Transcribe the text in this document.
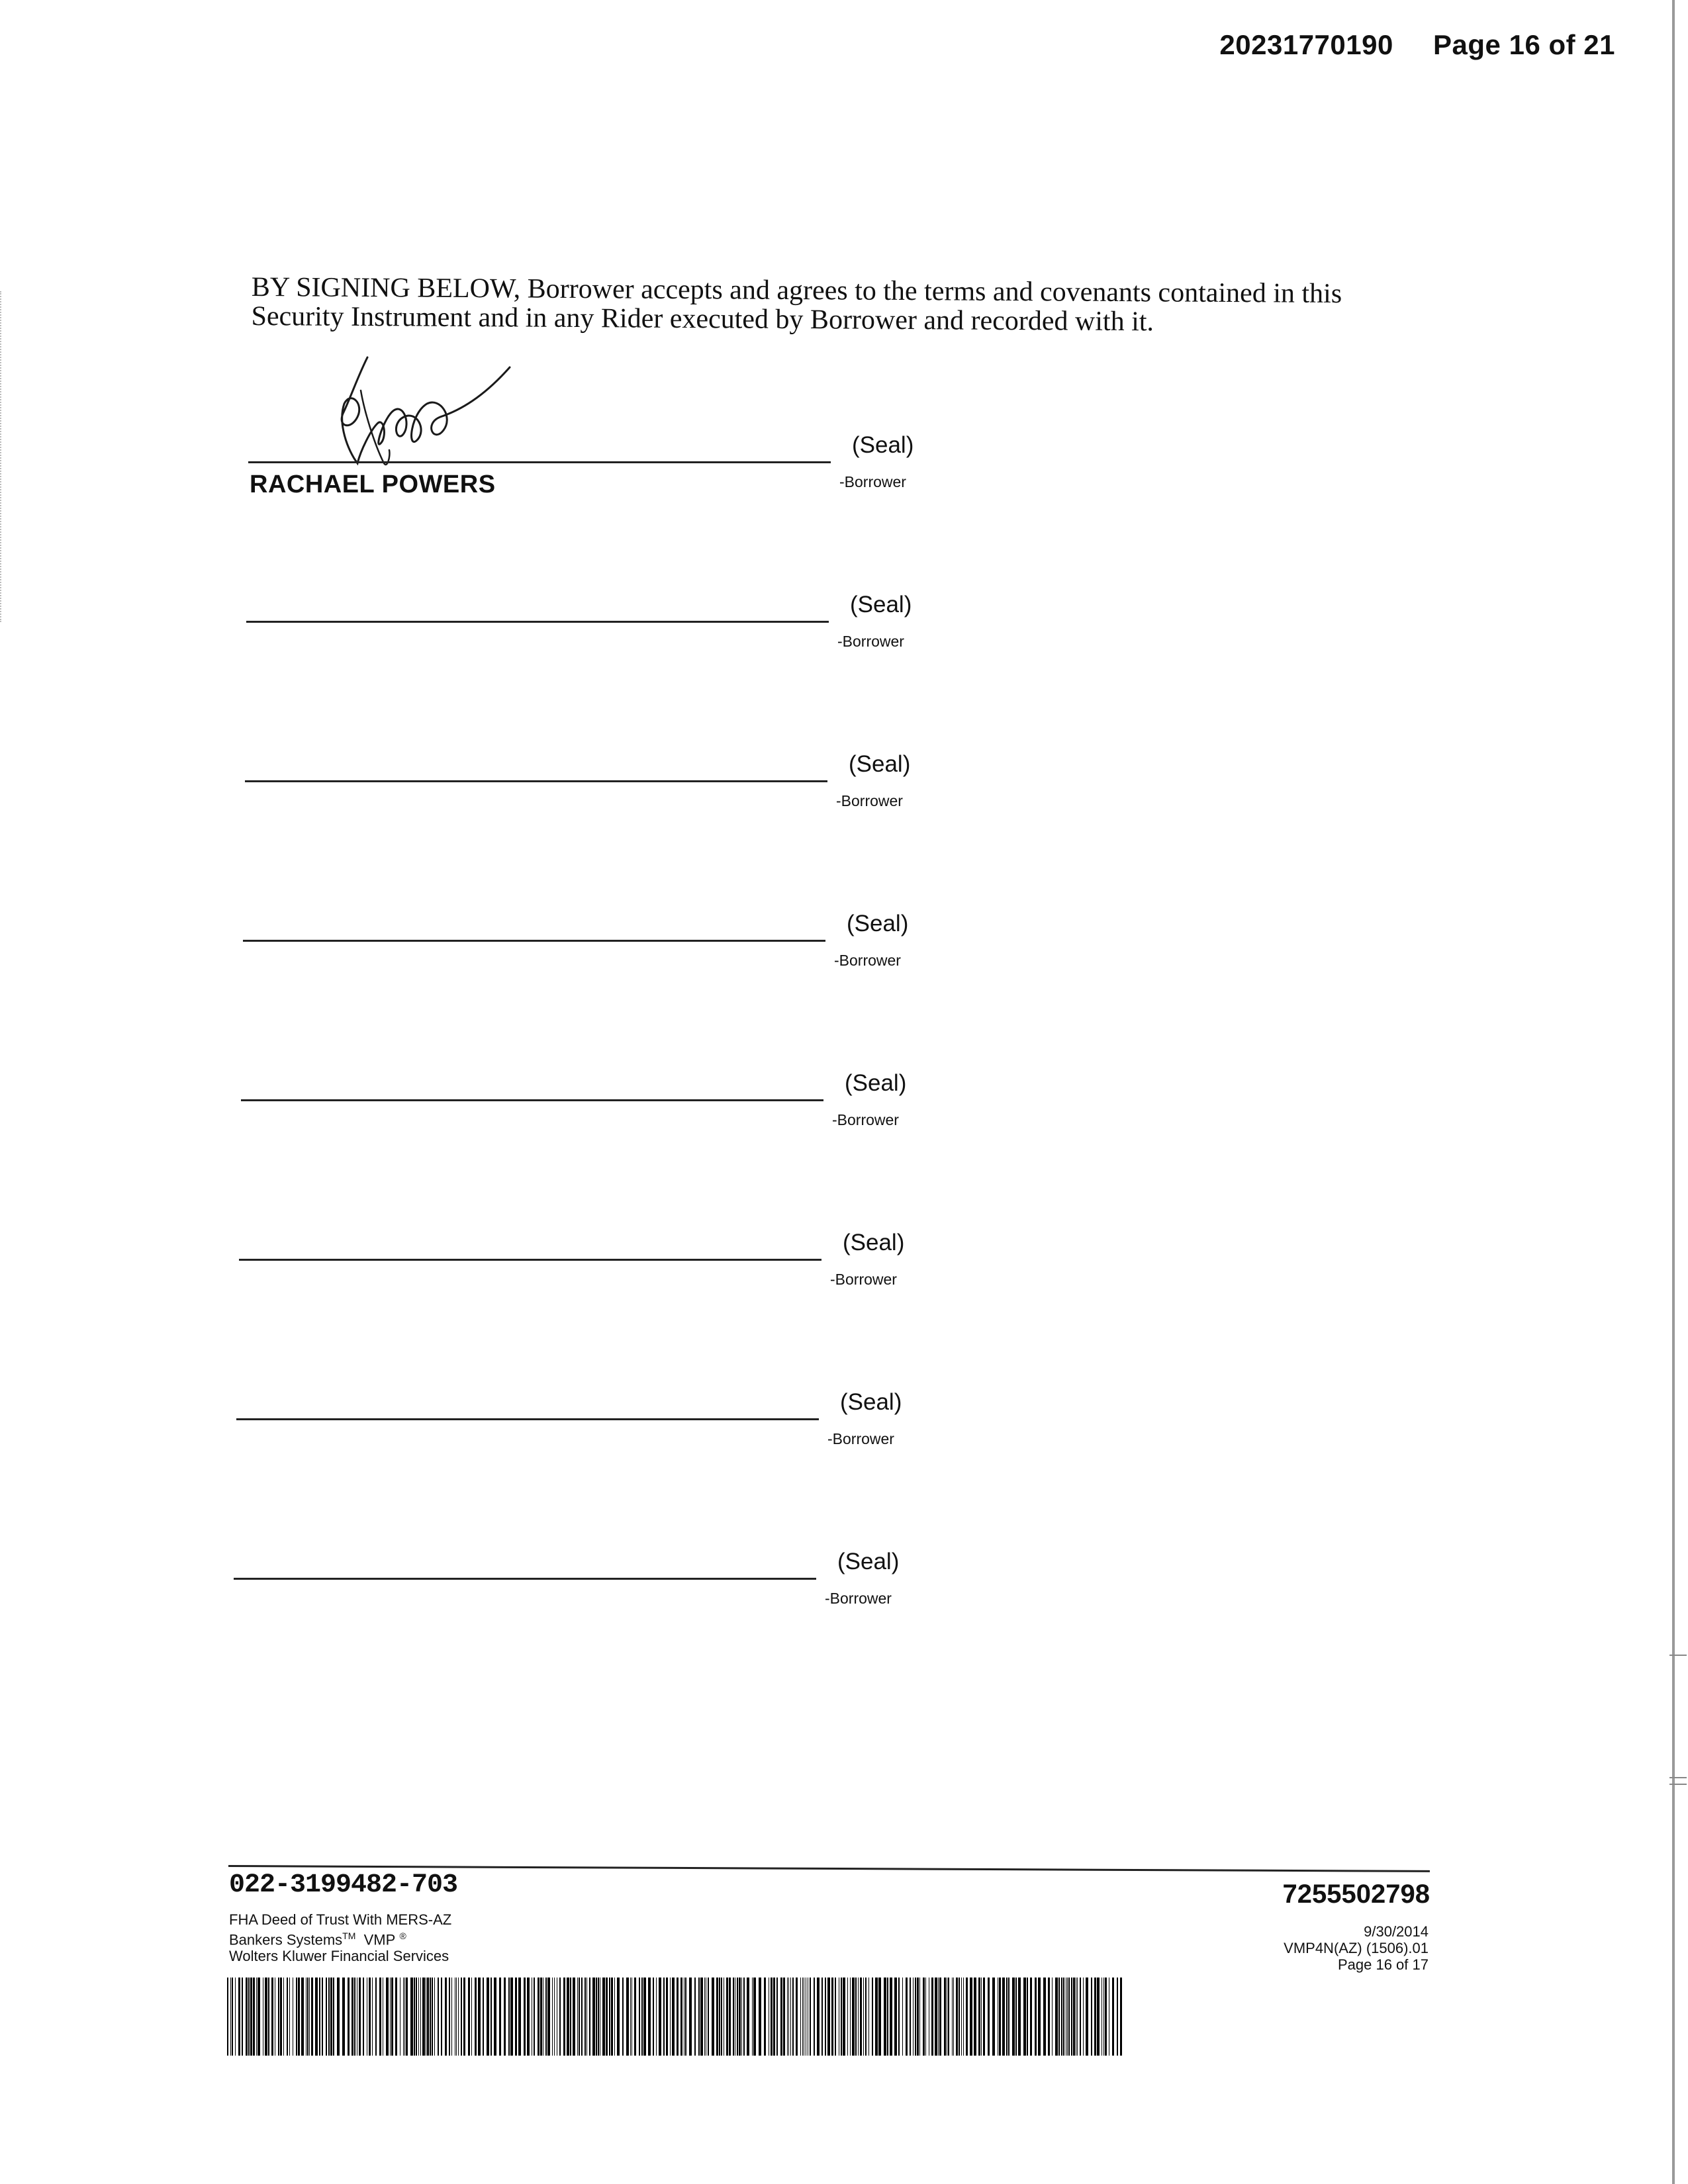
20231770190 Page 16 of 21
BY SIGNING BELOW, Borrower accepts and agrees to the terms and covenants contained in this Security Instrument and in any Rider executed by Borrower and recorded with it.
(Seal)
-Borrower
RACHAEL POWERS
(Seal)
-Borrower
(Seal)
-Borrower
(Seal)
-Borrower
(Seal)
-Borrower
(Seal)
-Borrower
(Seal)
-Borrower
(Seal)
-Borrower
022-3199482-703	7255502798
FHA Deed of Trust With MERS-AZ
Bankers Systems™ VMP ®
Wolters Kluwer Financial Services
9/30/2014
VMP4N(AZ) (1506).01
Page 16 of 17
